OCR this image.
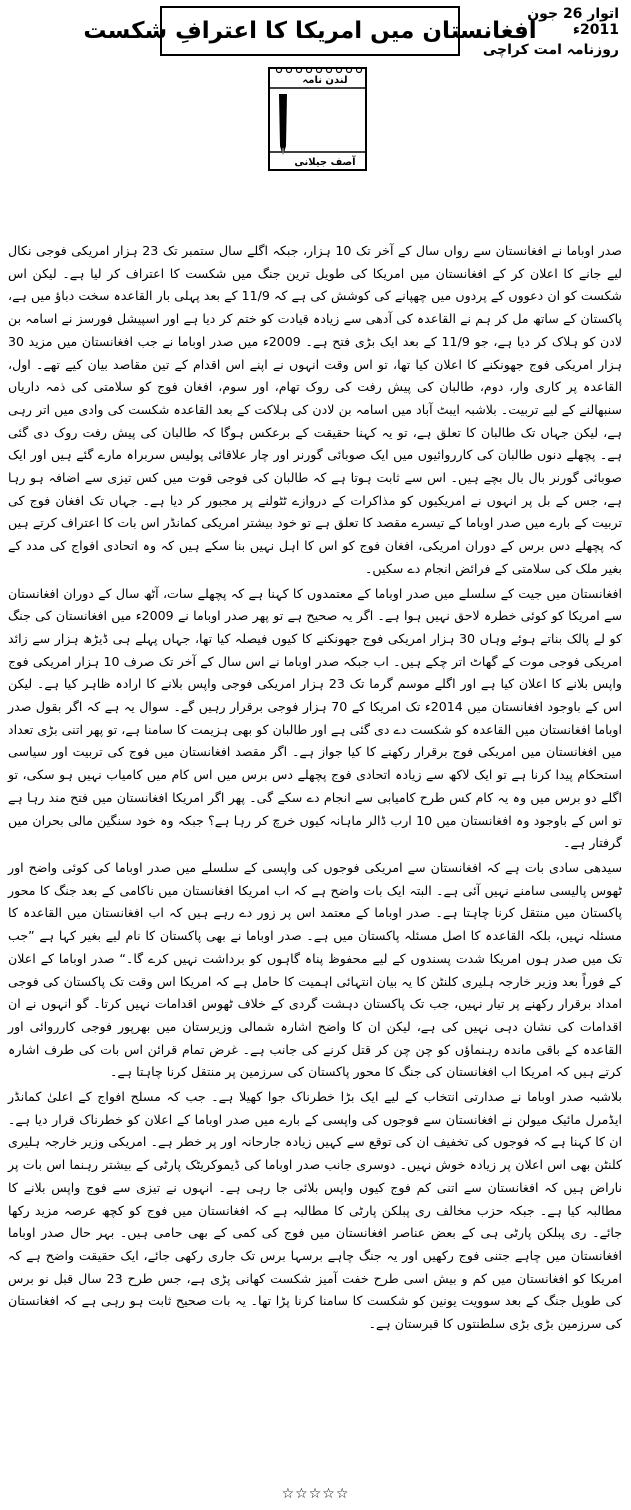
اتوار 26 جون 2011ء
روزنامہ امت کراچی
افغانستان میں امریکا کا اعترافِ شکست
لندن نامہ
آصف جیلانی

صدر اوباما نے افغانستان سے رواں سال کے آخر تک 10 ہزار، جبکہ اگلے سال ستمبر تک 23 ہزار امریکی فوجی نکال لیے جانے کا اعلان کر کے افغانستان میں امریکا کی طویل ترین جنگ میں شکست کا اعتراف کر لیا ہے۔ لیکن اس شکست کو ان دعووں کے پردوں میں چھپانے کی کوشش کی ہے کہ 11/9 کے بعد پہلی بار القاعدہ سخت دباؤ میں ہے، پاکستان کے ساتھ مل کر ہم نے القاعدہ کی آدھی سے زیادہ قیادت کو ختم کر دیا ہے اور اسپیشل فورسز نے اسامہ بن لادن کو ہلاک کر دیا ہے، جو 11/9 کے بعد ایک بڑی فتح ہے۔ 2009ء میں صدر اوباما نے جب افغانستان میں مزید 30 ہزار امریکی فوج جھونکنے کا اعلان کیا تھا، تو اس وقت انہوں نے اپنے اس اقدام کے تین مقاصد بیان کیے تھے۔ اول، القاعدہ پر کاری وار، دوم، طالبان کی پیش رفت کی روک تھام، اور سوم، افغان فوج کو سلامتی کی ذمہ داریاں سنبھالنے کے لیے تربیت۔ بلاشبہ ایبٹ آباد میں اسامہ بن لادن کی ہلاکت کے بعد القاعدہ شکست کی وادی میں اتر رہی ہے، لیکن جہاں تک طالبان کا تعلق ہے، تو یہ کہنا حقیقت کے برعکس ہوگا کہ طالبان کی پیش رفت روک دی گئی ہے۔ پچھلے دنوں طالبان کی کارروائیوں میں ایک صوبائی گورنر اور چار علاقائی پولیس سربراہ مارے گئے ہیں اور ایک صوبائی گورنر بال بال بچے ہیں۔ اس سے ثابت ہوتا ہے کہ طالبان کی فوجی قوت میں کس تیزی سے اضافہ ہو رہا ہے، جس کے بل پر انہوں نے امریکیوں کو مذاکرات کے دروازے ٹٹولنے پر مجبور کر دیا ہے۔ جہاں تک افغان فوج کی تربیت کے بارے میں صدر اوباما کے تیسرے مقصد کا تعلق ہے تو خود بیشتر امریکی کمانڈر اس بات کا اعتراف کرتے ہیں کہ پچھلے دس برس کے دوران امریکی، افغان فوج کو اس کا اہل نہیں بنا سکے ہیں کہ وہ اتحادی افواج کی مدد کے بغیر ملک کی سلامتی کے فرائض انجام دے سکیں۔

افغانستان میں جیت کے سلسلے میں صدر اوباما کے معتمدوں کا کہنا ہے کہ پچھلے سات، آٹھ سال کے دوران افغانستان سے امریکا کو کوئی خطرہ لاحق نہیں ہوا ہے۔ اگر یہ صحیح ہے تو پھر صدر اوباما نے 2009ء میں افغانستان کی جنگ کو لے پالک بناتے ہوئے وہاں 30 ہزار امریکی فوج جھونکنے کا کیوں فیصلہ کیا تھا، جہاں پہلے ہی ڈیڑھ ہزار سے زائد امریکی فوجی موت کے گھاٹ اتر چکے ہیں۔ اب جبکہ صدر اوباما نے اس سال کے آخر تک صرف 10 ہزار امریکی فوج واپس بلانے کا اعلان کیا ہے اور اگلے موسم گرما تک 23 ہزار امریکی فوجی واپس بلانے کا ارادہ ظاہر کیا ہے۔ لیکن اس کے باوجود افغانستان میں 2014ء تک امریکا کے 70 ہزار فوجی برقرار رہیں گے۔ سوال یہ ہے کہ اگر بقول صدر اوباما افغانستان میں القاعدہ کو شکست دے دی گئی ہے اور طالبان کو بھی ہزیمت کا سامنا ہے، تو پھر اتنی بڑی تعداد میں افغانستان میں امریکی فوج برقرار رکھنے کا کیا جواز ہے۔ اگر مقصد افغانستان میں فوج کی تربیت اور سیاسی استحکام پیدا کرنا ہے تو ایک لاکھ سے زیادہ اتحادی فوج پچھلے دس برس میں اس کام میں کامیاب نہیں ہو سکی، تو اگلے دو برس میں وہ یہ کام کس طرح کامیابی سے انجام دے سکے گی۔ پھر اگر امریکا افغانستان میں فتح مند رہا ہے تو اس کے باوجود وہ افغانستان میں 10 ارب ڈالر ماہانہ کیوں خرچ کر رہا ہے؟ جبکہ وہ خود سنگین مالی بحران میں گرفتار ہے۔

سیدھی سادی بات ہے کہ افغانستان سے امریکی فوجوں کی واپسی کے سلسلے میں صدر اوباما کی کوئی واضح اور ٹھوس پالیسی سامنے نہیں آئی ہے۔ البتہ ایک بات واضح ہے کہ اب امریکا افغانستان میں ناکامی کے بعد جنگ کا محور پاکستان میں منتقل کرنا چاہتا ہے۔ صدر اوباما کے معتمد اس پر زور دے رہے ہیں کہ اب افغانستان میں القاعدہ کا مسئلہ نہیں، بلکہ القاعدہ کا اصل مسئلہ پاکستان میں ہے۔ صدر اوباما نے بھی پاکستان کا نام لیے بغیر کہا ہے ”جب تک میں صدر ہوں امریکا شدت پسندوں کے لیے محفوظ پناہ گاہوں کو برداشت نہیں کرے گا۔“ صدر اوباما کے اعلان کے فوراً بعد وزیر خارجہ ہلیری کلنٹن کا یہ بیان انتہائی اہمیت کا حامل ہے کہ امریکا اس وقت تک پاکستان کی فوجی امداد برقرار رکھنے پر تیار نہیں، جب تک پاکستان دہشت گردی کے خلاف ٹھوس اقدامات نہیں کرتا۔ گو انہوں نے ان اقدامات کی نشان دہی نہیں کی ہے، لیکن ان کا واضح اشارہ شمالی وزیرستان میں بھرپور فوجی کارروائی اور القاعدہ کے باقی ماندہ رہنماؤں کو چن چن کر قتل کرنے کی جانب ہے۔ غرض تمام قرائن اس بات کی طرف اشارہ کرتے ہیں کہ امریکا اب افغانستان کی جنگ کا محور پاکستان کی سرزمین پر منتقل کرنا چاہتا ہے۔

بلاشبہ صدر اوباما نے صدارتی انتخاب کے لیے ایک بڑا خطرناک جوا کھیلا ہے۔ جب کہ مسلح افواج کے اعلیٰ کمانڈر ایڈمرل مائیک میولن نے افغانستان سے فوجوں کی واپسی کے بارے میں صدر اوباما کے اعلان کو خطرناک قرار دیا ہے۔ ان کا کہنا ہے کہ فوجوں کی تخفیف ان کی توقع سے کہیں زیادہ جارحانہ اور پر خطر ہے۔ امریکی وزیر خارجہ ہلیری کلنٹن بھی اس اعلان پر زیادہ خوش نہیں۔ دوسری جانب صدر اوباما کی ڈیموکریٹک پارٹی کے بیشتر رہنما اس بات پر ناراض ہیں کہ افغانستان سے اتنی کم فوج کیوں واپس بلائی جا رہی ہے۔ انہوں نے تیزی سے فوج واپس بلانے کا مطالبہ کیا ہے۔ جبکہ حزب مخالف ری پبلکن پارٹی کا مطالبہ ہے کہ افغانستان میں فوج کو کچھ عرصہ مزید رکھا جائے۔ ری پبلکن پارٹی ہی کے بعض عناصر افغانستان میں فوج کی کمی کے بھی حامی ہیں۔ بہر حال صدر اوباما افغانستان میں چاہے جتنی فوج رکھیں اور یہ جنگ چاہے برسہا برس تک جاری رکھی جائے، ایک حقیقت واضح ہے کہ امریکا کو افغانستان میں کم و بیش اسی طرح خفت آمیز شکست کھانی پڑی ہے، جس طرح 23 سال قبل نو برس کی طویل جنگ کے بعد سوویت یونین کو شکست کا سامنا کرنا پڑا تھا۔ یہ بات صحیح ثابت ہو رہی ہے کہ افغانستان کی سرزمین بڑی بڑی سلطنتوں کا قبرستان ہے۔

☆☆☆☆☆
